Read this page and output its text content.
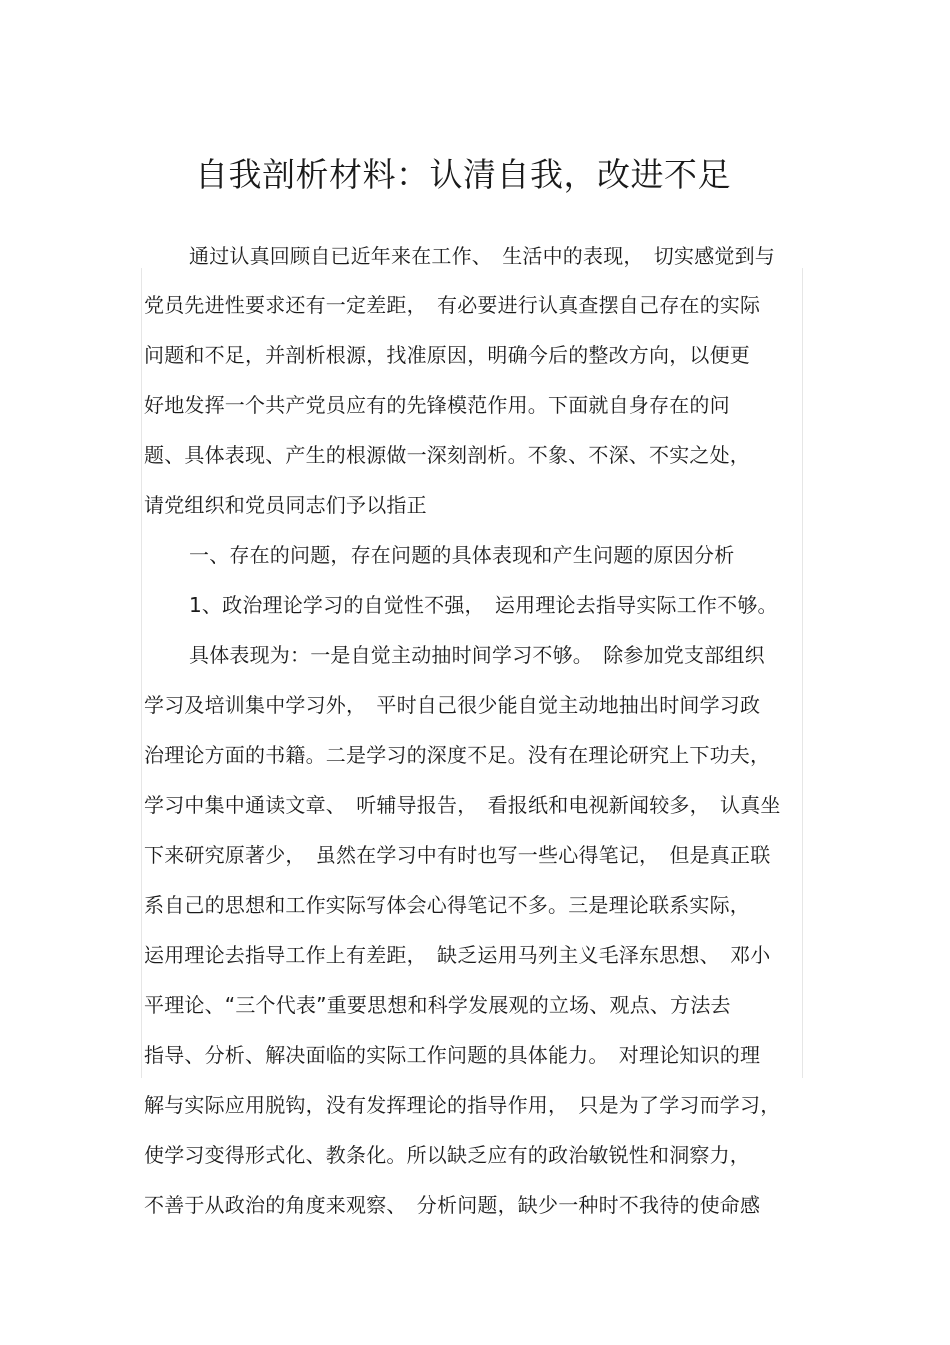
自我剖析材料：认清自我，改进不足

通过认真回顾自已近年来在工作、　生活中的表现，　切实感觉到与

党员先进性要求还有一定差距，　有必要进行认真查摆自己存在的实际

问题和不足，并剖析根源，找准原因，明确今后的整改方向，以便更

好地发挥一个共产党员应有的先锋模范作用。下面就自身存在的问

题、具体表现、产生的根源做一深刻剖析。不象、不深、不实之处，

请党组织和党员同志们予以指正

一、存在的问题，存在问题的具体表现和产生问题的原因分析

1、政治理论学习的自觉性不强，　运用理论去指导实际工作不够。

具体表现为：一是自觉主动抽时间学习不够。　除参加党支部组织

学习及培训集中学习外，　平时自己很少能自觉主动地抽出时间学习政

治理论方面的书籍。二是学习的深度不足。没有在理论研究上下功夫，

学习中集中通读文章、　听辅导报告，　看报纸和电视新闻较多，　认真坐

下来研究原著少，　虽然在学习中有时也写一些心得笔记，　但是真正联

系自己的思想和工作实际写体会心得笔记不多。三是理论联系实际，

运用理论去指导工作上有差距，　缺乏运用马列主义毛泽东思想、　邓小

平理论、“三个代表”重要思想和科学发展观的立场、观点、方法去

指导、分析、解决面临的实际工作问题的具体能力。　对理论知识的理

解与实际应用脱钩，没有发挥理论的指导作用，　只是为了学习而学习，

使学习变得形式化、教条化。所以缺乏应有的政治敏锐性和洞察力，

不善于从政治的角度来观察、　分析问题，缺少一种时不我待的使命感
